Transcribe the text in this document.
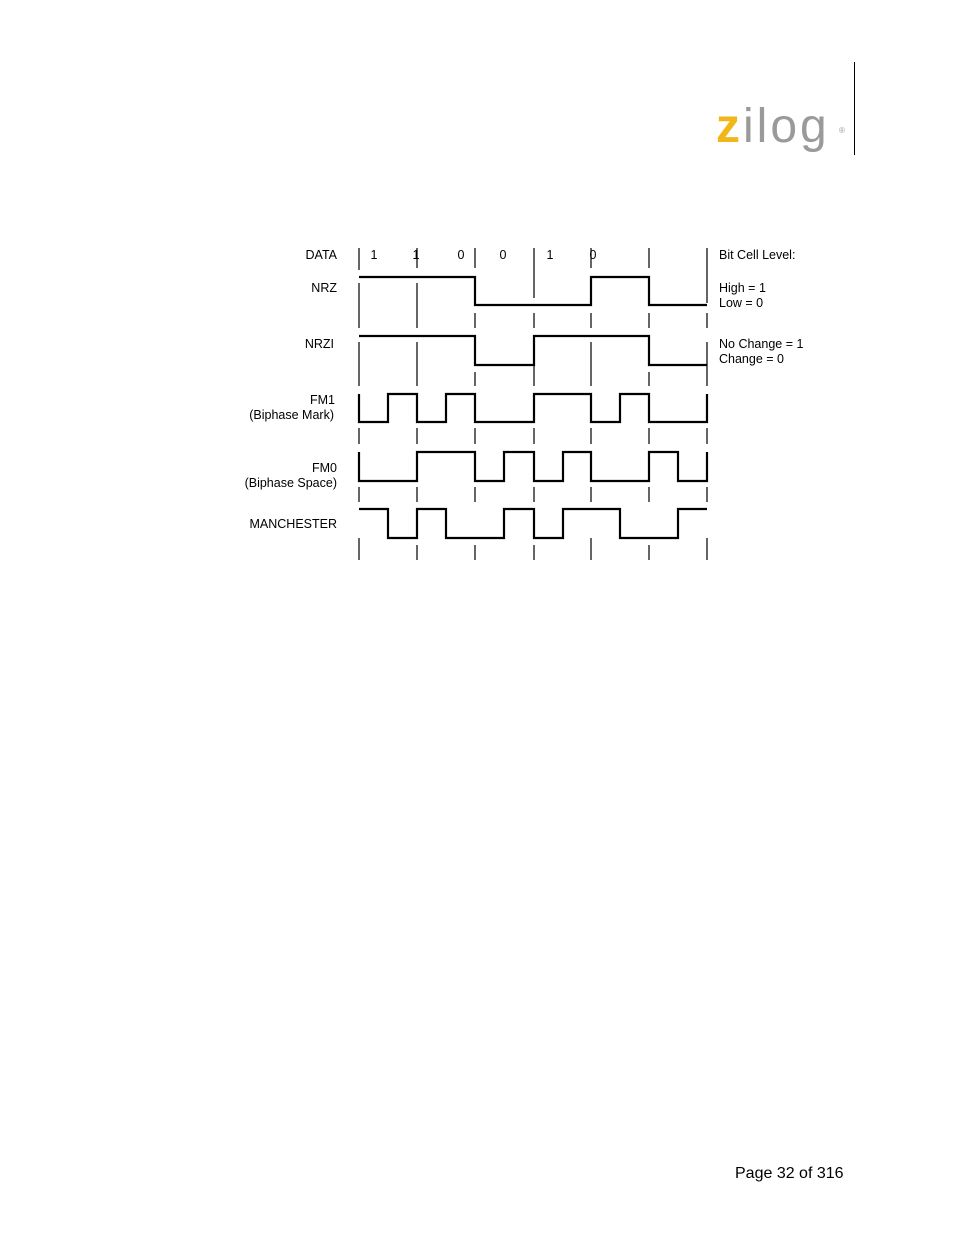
zilog ®
DATA
NRZ
NRZI
FM1
(Biphase Mark)
FM0
(Biphase Space)
MANCHESTER
1	1	0	0	1	0	Bit Cell Level:
High = 1
Low = 0
No Change = 1
Change = 0
Page 32 of 316
